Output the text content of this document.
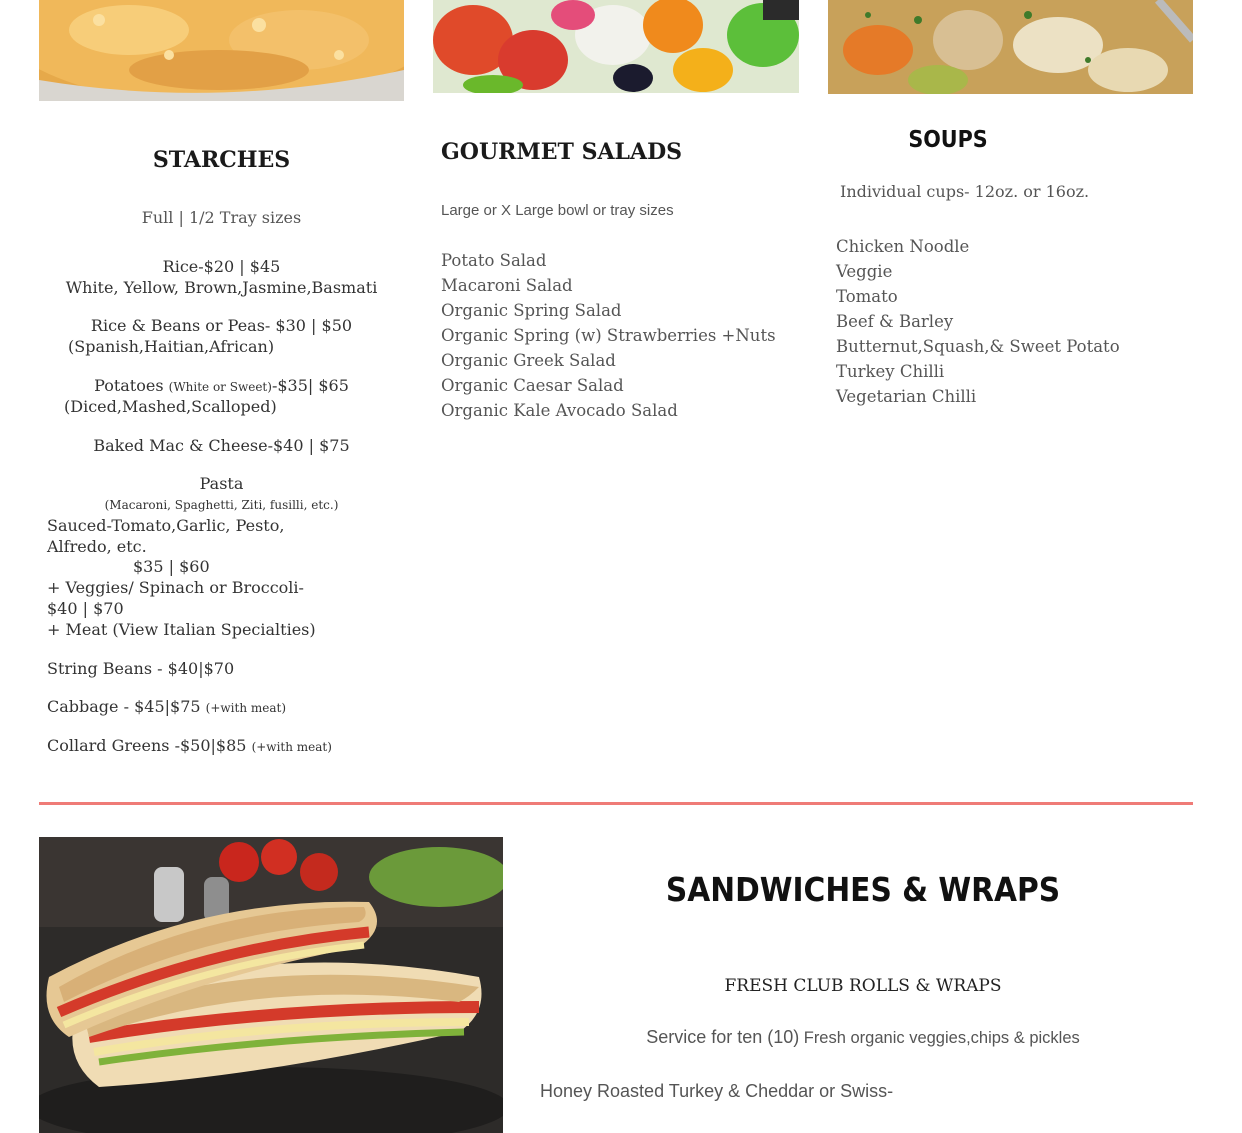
STARCHES
Full | 1/2 Tray sizes
Rice-$20 | $45
White, Yellow, Brown,Jasmine,Basmati
Rice & Beans or Peas- $30 | $50
(Spanish,Haitian,African)
Potatoes (White or Sweet)-$35| $65
(Diced,Mashed,Scalloped)
Baked Mac & Cheese-$40 | $75
Pasta
(Macaroni, Spaghetti, Ziti, fusilli, etc.)
Sauced-Tomato,Garlic, Pesto,
Alfredo, etc.
$35 | $60
+ Veggies/ Spinach or Broccoli-
$40 | $70
+ Meat (View Italian Specialties)
String Beans - $40|$70
Cabbage - $45|$75 (+with meat)
Collard Greens -$50|$85 (+with meat)
GOURMET SALADS
Large or X Large bowl or tray sizes
Potato Salad
Macaroni Salad
Organic Spring Salad
Organic Spring (w) Strawberries +Nuts
Organic Greek Salad
Organic Caesar Salad
Organic Kale Avocado Salad
SOUPS
Individual cups- 12oz. or 16oz.
Chicken Noodle
Veggie
Tomato
Beef & Barley
Butternut,Squash,& Sweet Potato
Turkey Chilli
Vegetarian Chilli
SANDWICHES & WRAPS
FRESH CLUB ROLLS & WRAPS
Service for ten (10) Fresh organic veggies,chips & pickles
Honey Roasted Turkey & Cheddar or Swiss-
